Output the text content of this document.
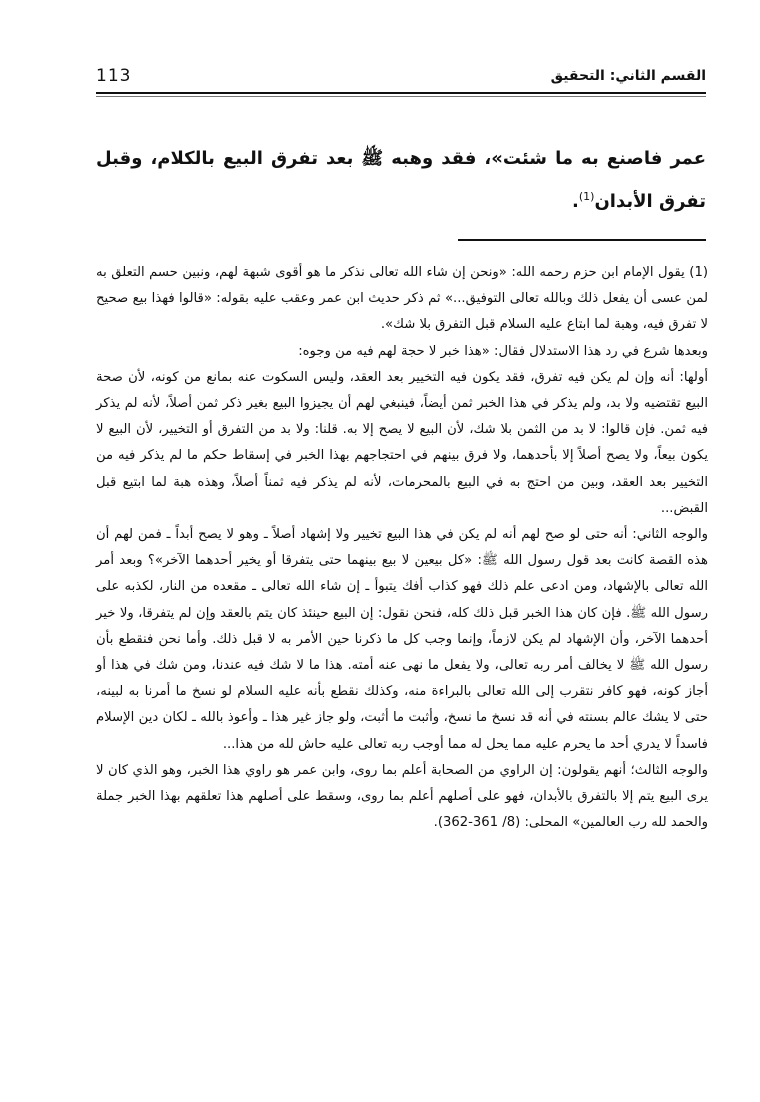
القسم الثاني: التحقيق
113
عمر فاصنع به ما شئت»، فقد وهبه ﷺ بعد تفرق البيع بالكلام، وقبل تفرق الأبدان$^{(1)}$.

(1) يقول الإمام ابن حزم رحمه الله: «ونحن إن شاء الله تعالى نذكر ما هو أقوى شبهة لهم، ونبين حسم التعلق به لمن عسى أن يفعل ذلك وبالله تعالى التوفيق...» ثم ذكر حديث ابن عمر وعقب عليه بقوله: «قالوا فهذا بيع صحيح لا تفرق فيه، وهبة لما ابتاع عليه السلام قبل التفرق بلا شك».

وبعدها شرع في رد هذا الاستدلال فقال: «هذا خبر لا حجة لهم فيه من وجوه:

أولها: أنه وإن لم يكن فيه تفرق، فقد يكون فيه التخيير بعد العقد، وليس السكوت عنه بمانع من كونه، لأن صحة البيع تقتضيه ولا بد، ولم يذكر في هذا الخبر ثمن أيضاً، فينبغي لهم أن يجيزوا البيع بغير ذكر ثمن أصلاً، لأنه لم يذكر فيه ثمن. فإن قالوا: لا بد من الثمن بلا شك، لأن البيع لا يصح إلا به. قلنا: ولا بد من التفرق أو التخيير، لأن البيع لا يكون بيعاً، ولا يصح أصلاً إلا بأحدهما، ولا فرق بينهم في احتجاجهم بهذا الخبر في إسقاط حكم ما لم يذكر فيه من التخيير بعد العقد، وبين من احتج به في البيع بالمحرمات، لأنه لم يذكر فيه ثمناً أصلاً، وهذه هبة لما ابتيع قبل القبض...

والوجه الثاني: أنه حتى لو صح لهم أنه لم يكن في هذا البيع تخيير ولا إشهاد أصلاً ـ وهو لا يصح أبداً ـ فمن لهم أن هذه القصة كانت بعد قول رسول الله ﷺ: «كل بيعين لا بيع بينهما حتى يتفرقا أو يخير أحدهما الآخر»؟ وبعد أمر الله تعالى بالإشهاد، ومن ادعى علم ذلك فهو كذاب أفك يتبوأ ـ إن شاء الله تعالى ـ مقعده من النار، لكذبه على رسول الله ﷺ. فإن كان هذا الخبر قبل ذلك كله، فنحن نقول: إن البيع حينئذ كان يتم بالعقد وإن لم يتفرقا، ولا خير أحدهما الآخر، وأن الإشهاد لم يكن لازماً، وإنما وجب كل ما ذكرنا حين الأمر به لا قبل ذلك. وأما نحن فنقطع بأن رسول الله ﷺ لا يخالف أمر ربه تعالى، ولا يفعل ما نهى عنه أمته. هذا ما لا شك فيه عندنا، ومن شك في هذا أو أجاز كونه، فهو كافر نتقرب إلى الله تعالى بالبراءة منه، وكذلك نقطع بأنه عليه السلام لو نسخ ما أمرنا به لبينه، حتى لا يشك عالم بسنته في أنه قد نسخ ما نسخ، وأثبت ما أثبت، ولو جاز غير هذا ـ وأعوذ بالله ـ لكان دين الإسلام فاسداً لا يدري أحد ما يحرم عليه مما يحل له مما أوجب ربه تعالى عليه حاش لله من هذا...

والوجه الثالث؛ أنهم يقولون: إن الراوي من الصحابة أعلم بما روى، وابن عمر هو راوي هذا الخبر، وهو الذي كان لا يرى البيع يتم إلا بالتفرق بالأبدان، فهو على أصلهم أعلم بما روى، وسقط على أصلهم هذا تعلقهم بهذا الخبر جملة والحمد لله رب العالمين» المحلى: (8/ 361-362).
